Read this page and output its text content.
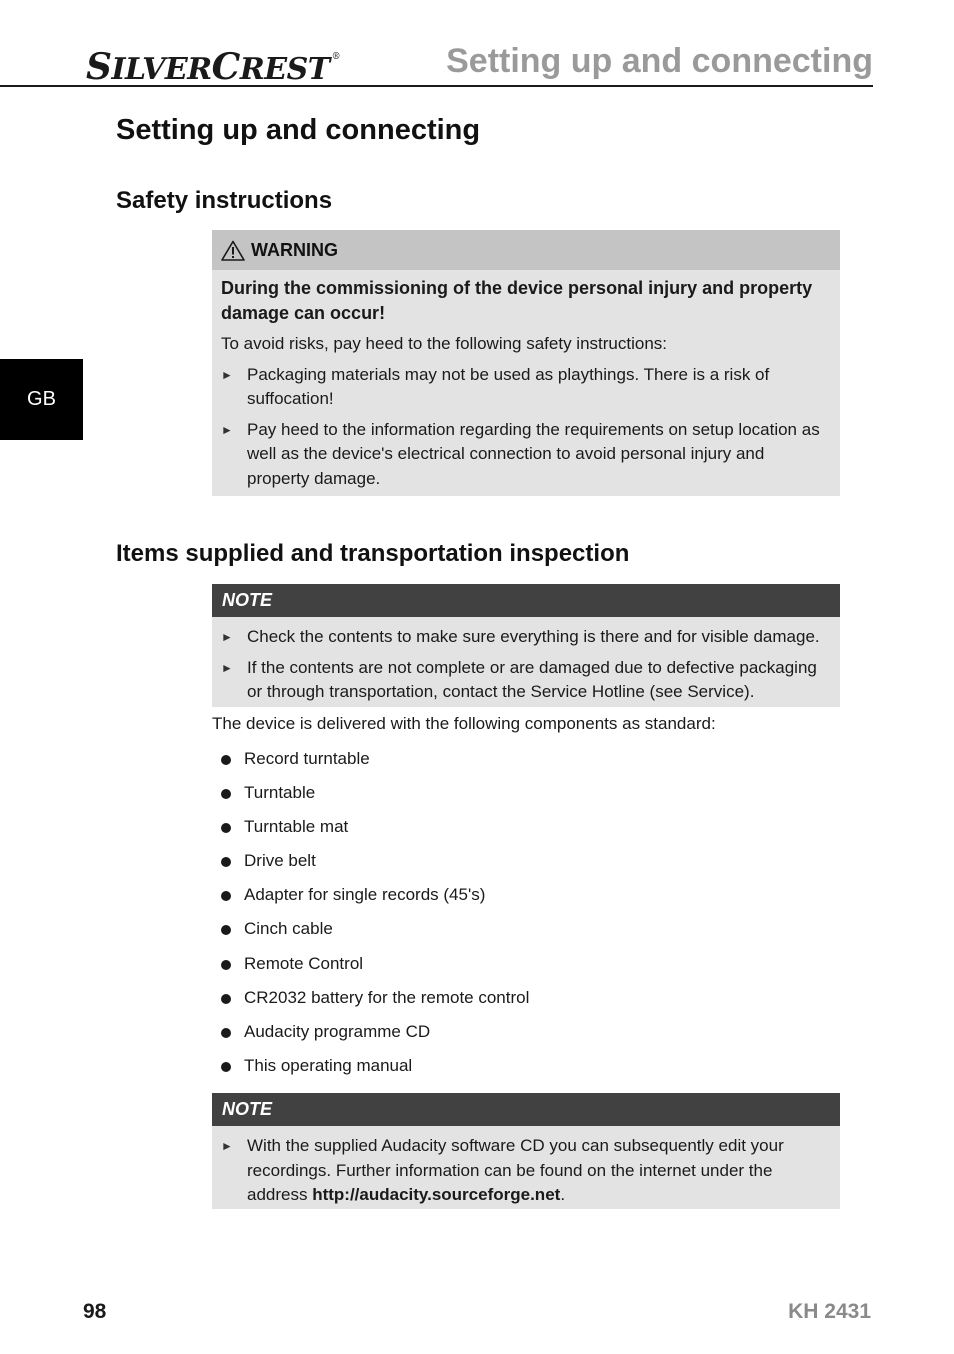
SILVERCREST ®	Setting up and connecting
GB
Setting up and connecting
Safety instructions
WARNING
During the commissioning of the device personal injury and property damage can occur!
To avoid risks, pay heed to the following safety instructions:
► Packaging materials may not be used as playthings. There is a risk of suffocation!
► Pay heed to the information regarding the requirements on setup location as well as the device's electrical connection to avoid personal injury and property damage.
Items supplied and transportation inspection
NOTE
► Check the contents to make sure everything is there and for visible damage.
► If the contents are not complete or are damaged due to defective packaging or through transportation, contact the Service Hotline (see Service).
The device is delivered with the following components as standard:
Record turntable
Turntable
Turntable mat
Drive belt
Adapter for single records (45's)
Cinch cable
Remote Control
CR2032 battery for the remote control
Audacity programme CD
This operating manual
NOTE
► With the supplied Audacity software CD you can subsequently edit your recordings. Further information can be found on the internet under the address http://audacity.sourceforge.net.
98	KH 2431
